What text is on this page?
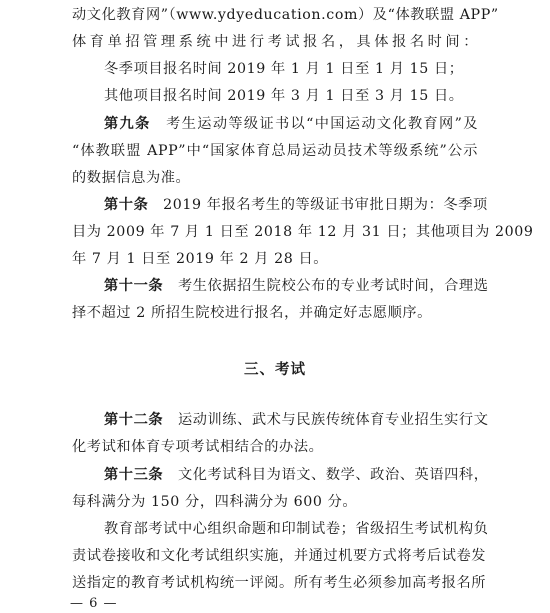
动文化教育网”（www.ydyeducation.com）及“体教联盟 APP”
体育单招管理系统中进行考试报名，具体报名时间：
冬季项目报名时间 2019 年 1 月 1 日至 1 月 15 日；
其他项目报名时间 2019 年 3 月 1 日至 3 月 15 日。
第九条　考生运动等级证书以“中国运动文化教育网”及
“体教联盟 APP”中“国家体育总局运动员技术等级系统”公示
的数据信息为准。
第十条　2019 年报名考生的等级证书审批日期为：冬季项
目为 2009 年 7 月 1 日至 2018 年 12 月 31 日；其他项目为 2009
年 7 月 1 日至 2019 年 2 月 28 日。
第十一条　考生依据招生院校公布的专业考试时间，合理选
择不超过 2 所招生院校进行报名，并确定好志愿顺序。
三、考试
第十二条　运动训练、武术与民族传统体育专业招生实行文
化考试和体育专项考试相结合的办法。
第十三条　文化考试科目为语文、数学、政治、英语四科，
每科满分为 150 分，四科满分为 600 分。
教育部考试中心组织命题和印制试卷；省级招生考试机构负
责试卷接收和文化考试组织实施，并通过机要方式将考后试卷发
送指定的教育考试机构统一评阅。所有考生必须参加高考报名所
— 6 —
